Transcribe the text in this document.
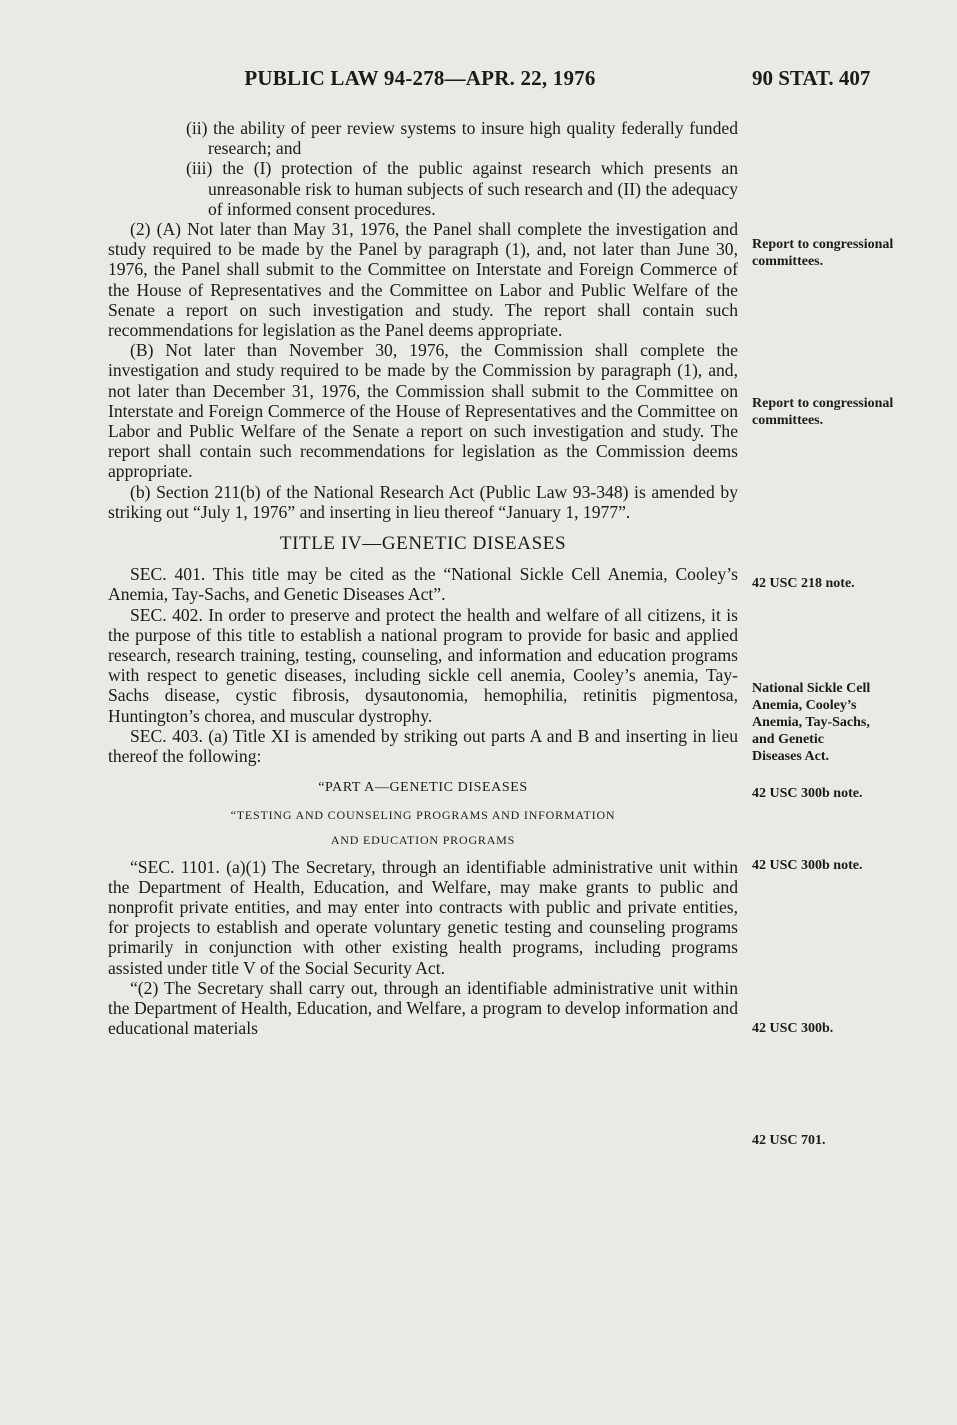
PUBLIC LAW 94-278—APR. 22, 1976	90 STAT. 407

(ii) the ability of peer review systems to insure high quality federally funded research; and

(iii) the (I) protection of the public against research which presents an unreasonable risk to human subjects of such research and (II) the adequacy of informed consent procedures.

(2) (A) Not later than May 31, 1976, the Panel shall complete the investigation and study required to be made by the Panel by paragraph (1), and, not later than June 30, 1976, the Panel shall submit to the Committee on Interstate and Foreign Commerce of the House of Representatives and the Committee on Labor and Public Welfare of the Senate a report on such investigation and study. The report shall contain such recommendations for legislation as the Panel deems appropriate.

(B) Not later than November 30, 1976, the Commission shall complete the investigation and study required to be made by the Commission by paragraph (1), and, not later than December 31, 1976, the Commission shall submit to the Committee on Interstate and Foreign Commerce of the House of Representatives and the Committee on Labor and Public Welfare of the Senate a report on such investigation and study. The report shall contain such recommendations for legislation as the Commission deems appropriate.

(b) Section 211(b) of the National Research Act (Public Law 93-348) is amended by striking out “July 1, 1976” and inserting in lieu thereof “January 1, 1977”.

TITLE IV—GENETIC DISEASES

SEC. 401. This title may be cited as the “National Sickle Cell Anemia, Cooley’s Anemia, Tay-Sachs, and Genetic Diseases Act”.

SEC. 402. In order to preserve and protect the health and welfare of all citizens, it is the purpose of this title to establish a national program to provide for basic and applied research, research training, testing, counseling, and information and education programs with respect to genetic diseases, including sickle cell anemia, Cooley’s anemia, Tay-Sachs disease, cystic fibrosis, dysautonomia, hemophilia, retinitis pigmentosa, Huntington’s chorea, and muscular dystrophy.

SEC. 403. (a) Title XI is amended by striking out parts A and B and inserting in lieu thereof the following:

“PART A—GENETIC DISEASES

“TESTING AND COUNSELING PROGRAMS AND INFORMATION

AND EDUCATION PROGRAMS

“SEC. 1101. (a)(1) The Secretary, through an identifiable administrative unit within the Department of Health, Education, and Welfare, may make grants to public and nonprofit private entities, and may enter into contracts with public and private entities, for projects to establish and operate voluntary genetic testing and counseling programs primarily in conjunction with other existing health programs, including programs assisted under title V of the Social Security Act.

“(2) The Secretary shall carry out, through an identifiable administrative unit within the Department of Health, Education, and Welfare, a program to develop information and educational materials

Report to congressional committees.
Report to congressional committees.
42 USC 218 note.
National Sickle Cell Anemia, Cooley’s Anemia, Tay-Sachs, and Genetic Diseases Act.
42 USC 300b note.
42 USC 300b note.
42 USC 300b.
42 USC 701.
